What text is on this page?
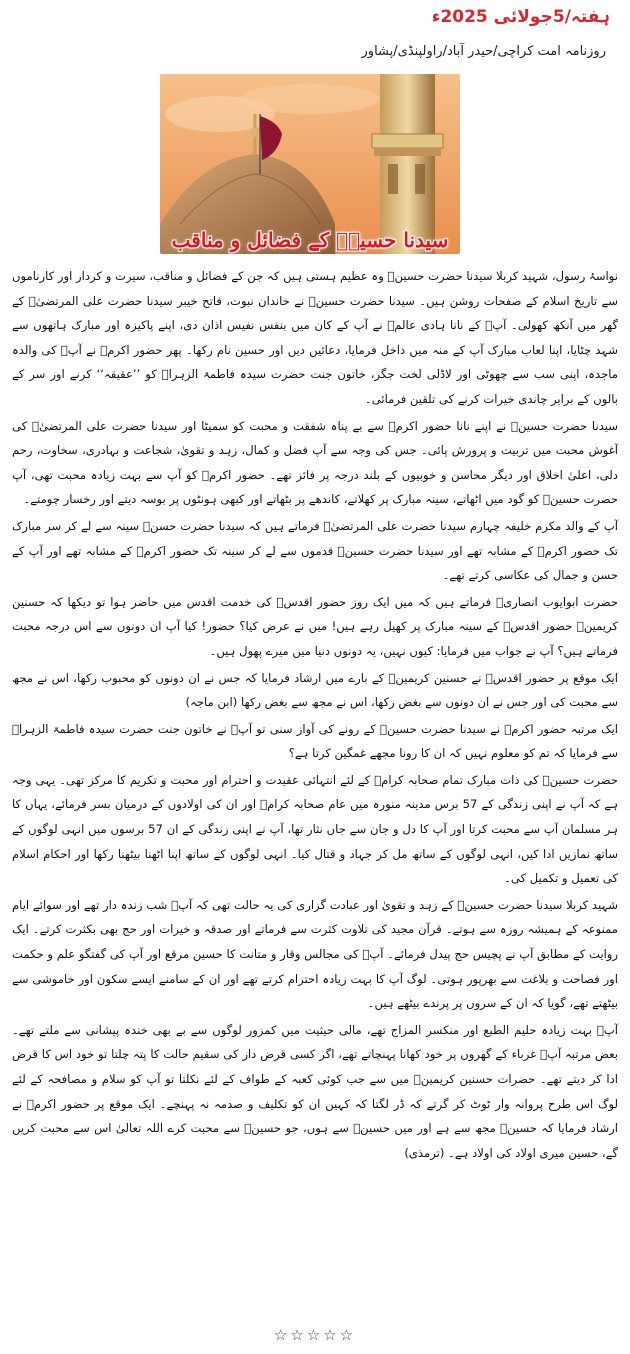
ہفتہ/5جولائی 2025ء
روزنامہ امت کراچی/حیدر آباد/راولپنڈی/پشاور
سیدنا حسینؓ کے فضائل و مناقب

نواسۂ رسول، شہید کربلا سیدنا حضرت حسینؓ وہ عظیم ہستی ہیں کہ جن کے فضائل و مناقب، سیرت و کردار اور کارناموں سے تاریخ اسلام کے صفحات روشن ہیں۔ سیدنا حضرت حسینؓ نے خاندان نبوت، فاتح خیبر سیدنا حضرت علی المرتضیٰؓ کے گھر میں آنکھ کھولی۔ آپؓ کے نانا ہادی عالمؐ نے آپ کے کان میں بنفس نفیس اذان دی، اپنے پاکیزہ اور مبارک ہاتھوں سے شہد چٹایا، اپنا لعاب مبارک آپ کے منہ میں داخل فرمایا، دعائیں دیں اور حسین نام رکھا۔ پھر حضور اکرمؐ نے آپؓ کی والدہ ماجدہ، اپنی سب سے چھوٹی اور لاڈلی لخت جگر، خاتون جنت حضرت سیدہ فاطمۃ الزہراؓ کو ’’عقیقہ‘‘ کرنے اور سر کے بالوں کے برابر چاندی خیرات کرنے کی تلقین فرمائی۔

سیدنا حضرت حسینؓ نے اپنے نانا حضور اکرمؐ سے بے پناہ شفقت و محبت کو سمیٹا اور سیدنا حضرت علی المرتضیٰؓ کی آغوش محبت میں تربیت و پرورش پائی۔ جس کی وجہ سے آپ فضل و کمال، زہد و تقویٰ، شجاعت و بہادری، سخاوت، رحم دلی، اعلیٰ اخلاق اور دیگر محاسن و خوبیوں کے بلند درجہ پر فائز تھے۔ حضور اکرمؐ کو آپ سے بہت زیادہ محبت تھی، آپ حضرت حسینؓ کو گود میں اٹھاتے، سینہ مبارک پر کھلاتے، کاندھے پر بٹھاتے اور کبھی ہونٹوں پر بوسہ دیتے اور رخسار چومتے۔

آپ کے والد مکرم خلیفہ چہارم سیدنا حضرت علی المرتضیٰؓ فرماتے ہیں کہ سیدنا حضرت حسنؓ سینہ سے لے کر سر مبارک تک حضور اکرمؐ کے مشابہ تھے اور سیدنا حضرت حسینؓ قدموں سے لے کر سینہ تک حضور اکرمؐ کے مشابہ تھے اور آپ کے حسن و جمال کی عکاسی کرتے تھے۔

حضرت ابوایوب انصاریؓ فرماتے ہیں کہ میں ایک روز حضور اقدسؐ کی خدمت اقدس میں حاضر ہوا تو دیکھا کہ حسنین کریمینؓ حضور اقدسؐ کے سینہ مبارک پر کھیل رہے ہیں! میں نے عرض کیا؟ حضور! کیا آپ ان دونوں سے اس درجہ محبت فرماتے ہیں؟ آپ نے جواب میں فرمایا: کیوں نہیں، یہ دونوں دنیا میں میرے پھول ہیں۔

ایک موقع پر حضور اقدسؐ نے حسنین کریمینؓ کے بارے میں ارشاد فرمایا کہ جس نے ان دونوں کو محبوب رکھا، اس نے مجھ سے محبت کی اور جس نے ان دونوں سے بغض رکھا، اس نے مجھ سے بغض رکھا (ابن ماجہ)

ایک مرتبہ حضور اکرمؐ نے سیدنا حضرت حسینؓ کے رونے کی آواز سنی تو آپؐ نے خاتون جنت حضرت سیدہ فاطمۃ الزہراؓ سے فرمایا کہ تم کو معلوم نہیں کہ ان کا رونا مجھے غمگین کرتا ہے؟

حضرت حسینؓ کی ذات مبارک تمام صحابہ کرامؓ کے لئے انتہائی عقیدت و احترام اور محبت و تکریم کا مرکز تھی۔ یہی وجہ ہے کہ آپ نے اپنی زندگی کے 57 برس مدینہ منورہ میں عام صحابہ کرامؓ اور ان کی اولادوں کے درمیان بسر فرمائے، یہاں کا ہر مسلمان آپ سے محبت کرتا اور آپ کا دل و جان سے جاں نثار تھا، آپ نے اپنی زندگی کے ان 57 برسوں میں انہی لوگوں کے ساتھ نمازیں ادا کیں، انہی لوگوں کے ساتھ مل کر جہاد و قتال کیا۔ انہی لوگوں کے ساتھ اپنا اٹھنا بیٹھنا رکھا اور احکام اسلام کی تعمیل و تکمیل کی۔

شہید کربلا سیدنا حضرت حسینؓ کے زہد و تقویٰ اور عبادت گزاری کی یہ حالت تھی کہ آپؓ شب زندہ دار تھے اور سوائے ایام ممنوعہ کے ہمیشہ روزہ سے ہوتے۔ قرآن مجید کی تلاوت کثرت سے فرماتے اور صدقہ و خیرات اور حج بھی بکثرت کرتے۔ ایک روایت کے مطابق آپ نے پچیس حج پیدل فرمائے۔ آپؓ کی مجالس وقار و متانت کا حسین مرقع اور آپ کی گفتگو علم و حکمت اور فصاحت و بلاغت سے بھرپور ہوتی۔ لوگ آپ کا بہت زیادہ احترام کرتے تھے اور ان کے سامنے ایسے سکون اور خاموشی سے بیٹھتے تھے، گویا کہ ان کے سروں پر پرندے بیٹھے ہیں۔

آپؓ بہت زیادہ حلیم الطبع اور منکسر المزاج تھے، مالی حیثیت میں کمزور لوگوں سے بے بھی خندہ پیشانی سے ملتے تھے۔ بعض مرتبہ آپؓ غرباء کے گھروں پر خود کھانا پہنچاتے تھے، اگر کسی قرض دار کی سقیم حالت کا پتہ چلتا تو خود اس کا قرض ادا کر دیتے تھے۔ حضرات حسنین کریمینؓ میں سے جب کوئی کعبہ کے طواف کے لئے نکلتا تو آپ کو سلام و مصافحہ کے لئے لوگ اس طرح پروانہ وار ٹوٹ کر گرتے کہ ڈر لگتا کہ کہیں ان کو تکلیف و صدمہ نہ پہنچے۔ ایک موقع پر حضور اکرمؐ نے ارشاد فرمایا کہ حسینؓ مجھ سے ہے اور میں حسینؓ سے ہوں، جو حسینؓ سے محبت کرے اللہ تعالیٰ اس سے محبت کریں گے، حسین میری اولاد کی اولاد ہے۔ (ترمذی)

☆☆☆☆☆
